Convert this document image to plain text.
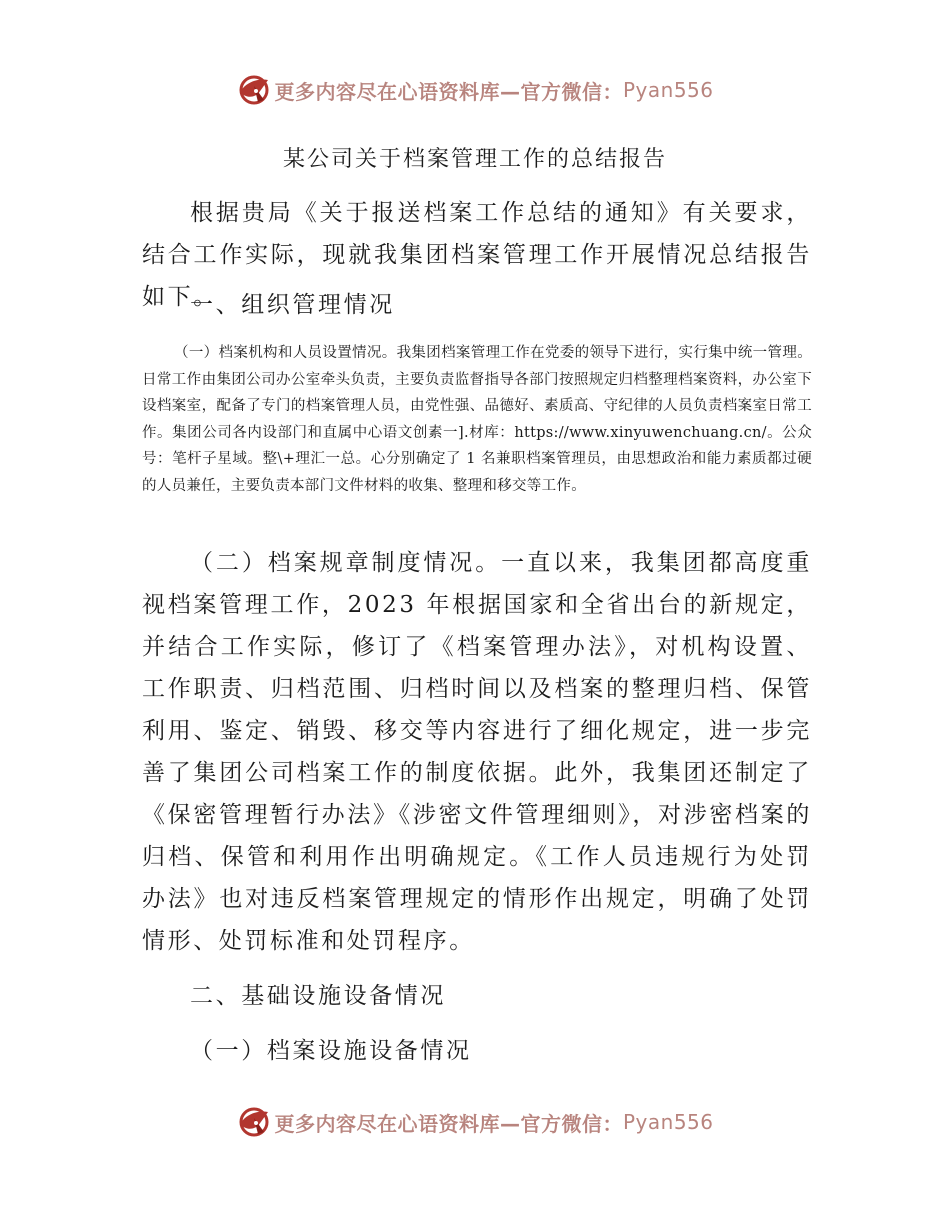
更多内容尽在心语资料库—官方微信： Pyan556
某公司关于档案管理工作的总结报告

根据贵局《关于报送档案工作总结的通知》有关要求，结合工作实际，现就我集团档案管理工作开展情况总结报告如下。

一、组织管理情况

（一）档案机构和人员设置情况。我集团档案管理工作在党委的领导下进行，实行集中统一管理。日常工作由集团公司办公室牵头负责，主要负责监督指导各部门按照规定归档整理档案资料，办公室下设档案室，配备了专门的档案管理人员，由党性强、品德好、素质高、守纪律的人员负责档案室日常工作。集团公司各内设部门和直属中心语文创素一].材库：https://www.xinyuwenchuang.cn/。公众号：笔杆子星域。整\+理汇一总。心分别确定了 1 名兼职档案管理员，由思想政治和能力素质都过硬的人员兼任，主要负责本部门文件材料的收集、整理和移交等工作。

（二）档案规章制度情况。一直以来，我集团都高度重视档案管理工作，2023 年根据国家和全省出台的新规定，并结合工作实际，修订了《档案管理办法》，对机构设置、工作职责、归档范围、归档时间以及档案的整理归档、保管利用、鉴定、销毁、移交等内容进行了细化规定，进一步完善了集团公司档案工作的制度依据。此外，我集团还制定了《保密管理暂行办法》《涉密文件管理细则》，对涉密档案的归档、保管和利用作出明确规定。《工作人员违规行为处罚办法》也对违反档案管理规定的情形作出规定，明确了处罚情形、处罚标准和处罚程序。

二、基础设施设备情况

（一）档案设施设备情况

更多内容尽在心语资料库—官方微信： Pyan556
